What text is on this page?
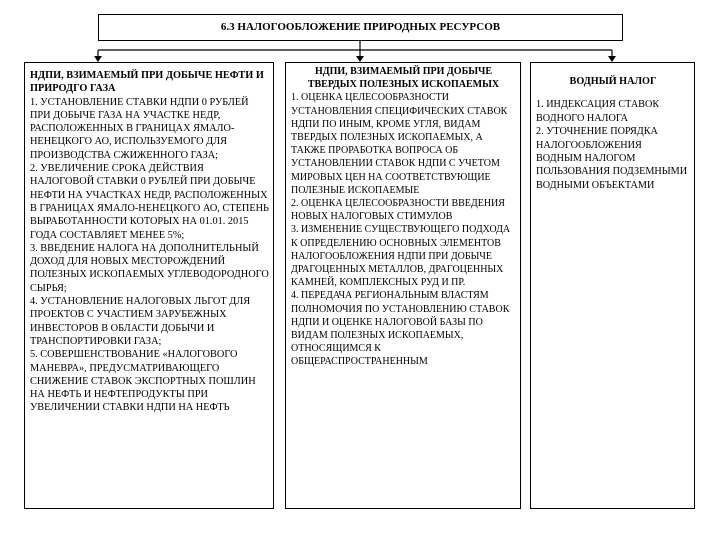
6.3 НАЛОГООБЛОЖЕНИЕ ПРИРОДНЫХ РЕСУРСОВ
НДПИ, ВЗИМАЕМЫЙ ПРИ ДОБЫЧЕ НЕФТИ И ПРИРОДГО ГАЗА

1. УСТАНОВЛЕНИЕ СТАВКИ НДПИ 0 РУБЛЕЙ ПРИ ДОБЫЧЕ ГАЗА НА УЧАСТКЕ НЕДР, РАСПОЛОЖЕННЫХ В ГРАНИЦАХ ЯМАЛО-НЕНЕЦКОГО АО, ИСПОЛЬЗУЕМОГО ДЛЯ ПРОИЗВОДСТВА СЖИЖЕННОГО ГАЗА;

2. УВЕЛИЧЕНИЕ СРОКА ДЕЙСТВИЯ НАЛОГОВОЙ СТАВКИ 0 РУБЛЕЙ ПРИ ДОБЫЧЕ НЕФТИ НА УЧАСТКАХ НЕДР, РАСПОЛОЖЕННЫХ В ГРАНИЦАХ ЯМАЛО-НЕНЕЦКОГО АО, СТЕПЕНЬ ВЫРАБОТАННОСТИ КОТОРЫХ НА 01.01. 2015 ГОДА СОСТАВЛЯЕТ МЕНЕЕ 5%;

3. ВВЕДЕНИЕ НАЛОГА НА ДОПОЛНИТЕЛЬНЫЙ ДОХОД ДЛЯ НОВЫХ МЕСТОРОЖДЕНИЙ ПОЛЕЗНЫХ ИСКОПАЕМЫХ УГЛЕВОДОРОДНОГО СЫРЬЯ;

4. УСТАНОВЛЕНИЕ НАЛОГОВЫХ ЛЬГОТ ДЛЯ ПРОЕКТОВ С УЧАСТИЕМ ЗАРУБЕЖНЫХ ИНВЕСТОРОВ В ОБЛАСТИ ДОБЫЧИ И ТРАНСПОРТИРОВКИ ГАЗА;

5. СОВЕРШЕНСТВОВАНИЕ «НАЛОГОВОГО МАНЕВРА», ПРЕДУСМАТРИВАЮЩЕГО СНИЖЕНИЕ СТАВОК ЭКСПОРТНЫХ ПОШЛИН НА НЕФТЬ И НЕФТЕПРОДУКТЫ ПРИ УВЕЛИЧЕНИИ СТАВКИ НДПИ НА НЕФТЬ

НДПИ, ВЗИМАЕМЫЙ ПРИ ДОБЫЧЕ ТВЕРДЫХ ПОЛЕЗНЫХ ИСКОПАЕМЫХ

1. ОЦЕНКА ЦЕЛЕСООБРАЗНОСТИ УСТАНОВЛЕНИЯ СПЕЦИФИЧЕСКИХ СТАВОК НДПИ ПО ИНЫМ, КРОМЕ УГЛЯ, ВИДАМ ТВЕРДЫХ ПОЛЕЗНЫХ ИСКОПАЕМЫХ, А ТАКЖЕ ПРОРАБОТКА ВОПРОСА ОБ УСТАНОВЛЕНИИ СТАВОК НДПИ С УЧЕТОМ МИРОВЫХ ЦЕН НА СООТВЕТСТВУЮЩИЕ ПОЛЕЗНЫЕ ИСКОПАЕМЫЕ

2. ОЦЕНКА ЦЕЛЕСООБРАЗНОСТИ ВВЕДЕНИЯ НОВЫХ НАЛОГОВЫХ СТИМУЛОВ

3. ИЗМЕНЕНИЕ СУЩЕСТВУЮЩЕГО ПОДХОДА К ОПРЕДЕЛЕНИЮ ОСНОВНЫХ ЭЛЕМЕНТОВ НАЛОГООБЛОЖЕНИЯ НДПИ ПРИ ДОБЫЧЕ ДРАГОЦЕННЫХ МЕТАЛЛОВ, ДРАГОЦЕННЫХ КАМНЕЙ, КОМПЛЕКСНЫХ РУД И ПР.

4. ПЕРЕДАЧА РЕГИОНАЛЬНЫМ ВЛАСТЯМ ПОЛНОМОЧИЯ ПО УСТАНОВЛЕНИЮ СТАВОК НДПИ И ОЦЕНКЕ НАЛОГОВОЙ БАЗЫ ПО ВИДАМ ПОЛЕЗНЫХ ИСКОПАЕМЫХ, ОТНОСЯЩИМСЯ К ОБЩЕРАСПРОСТРАНЕННЫМ

ВОДНЫЙ НАЛОГ

1. ИНДЕКСАЦИЯ СТАВОК ВОДНОГО НАЛОГА

2. УТОЧНЕНИЕ ПОРЯДКА НАЛОГООБЛОЖЕНИЯ ВОДНЫМ НАЛОГОМ ПОЛЬЗОВАНИЯ ПОДЗЕМНЫМИ ВОДНЫМИ ОБЪЕКТАМИ
